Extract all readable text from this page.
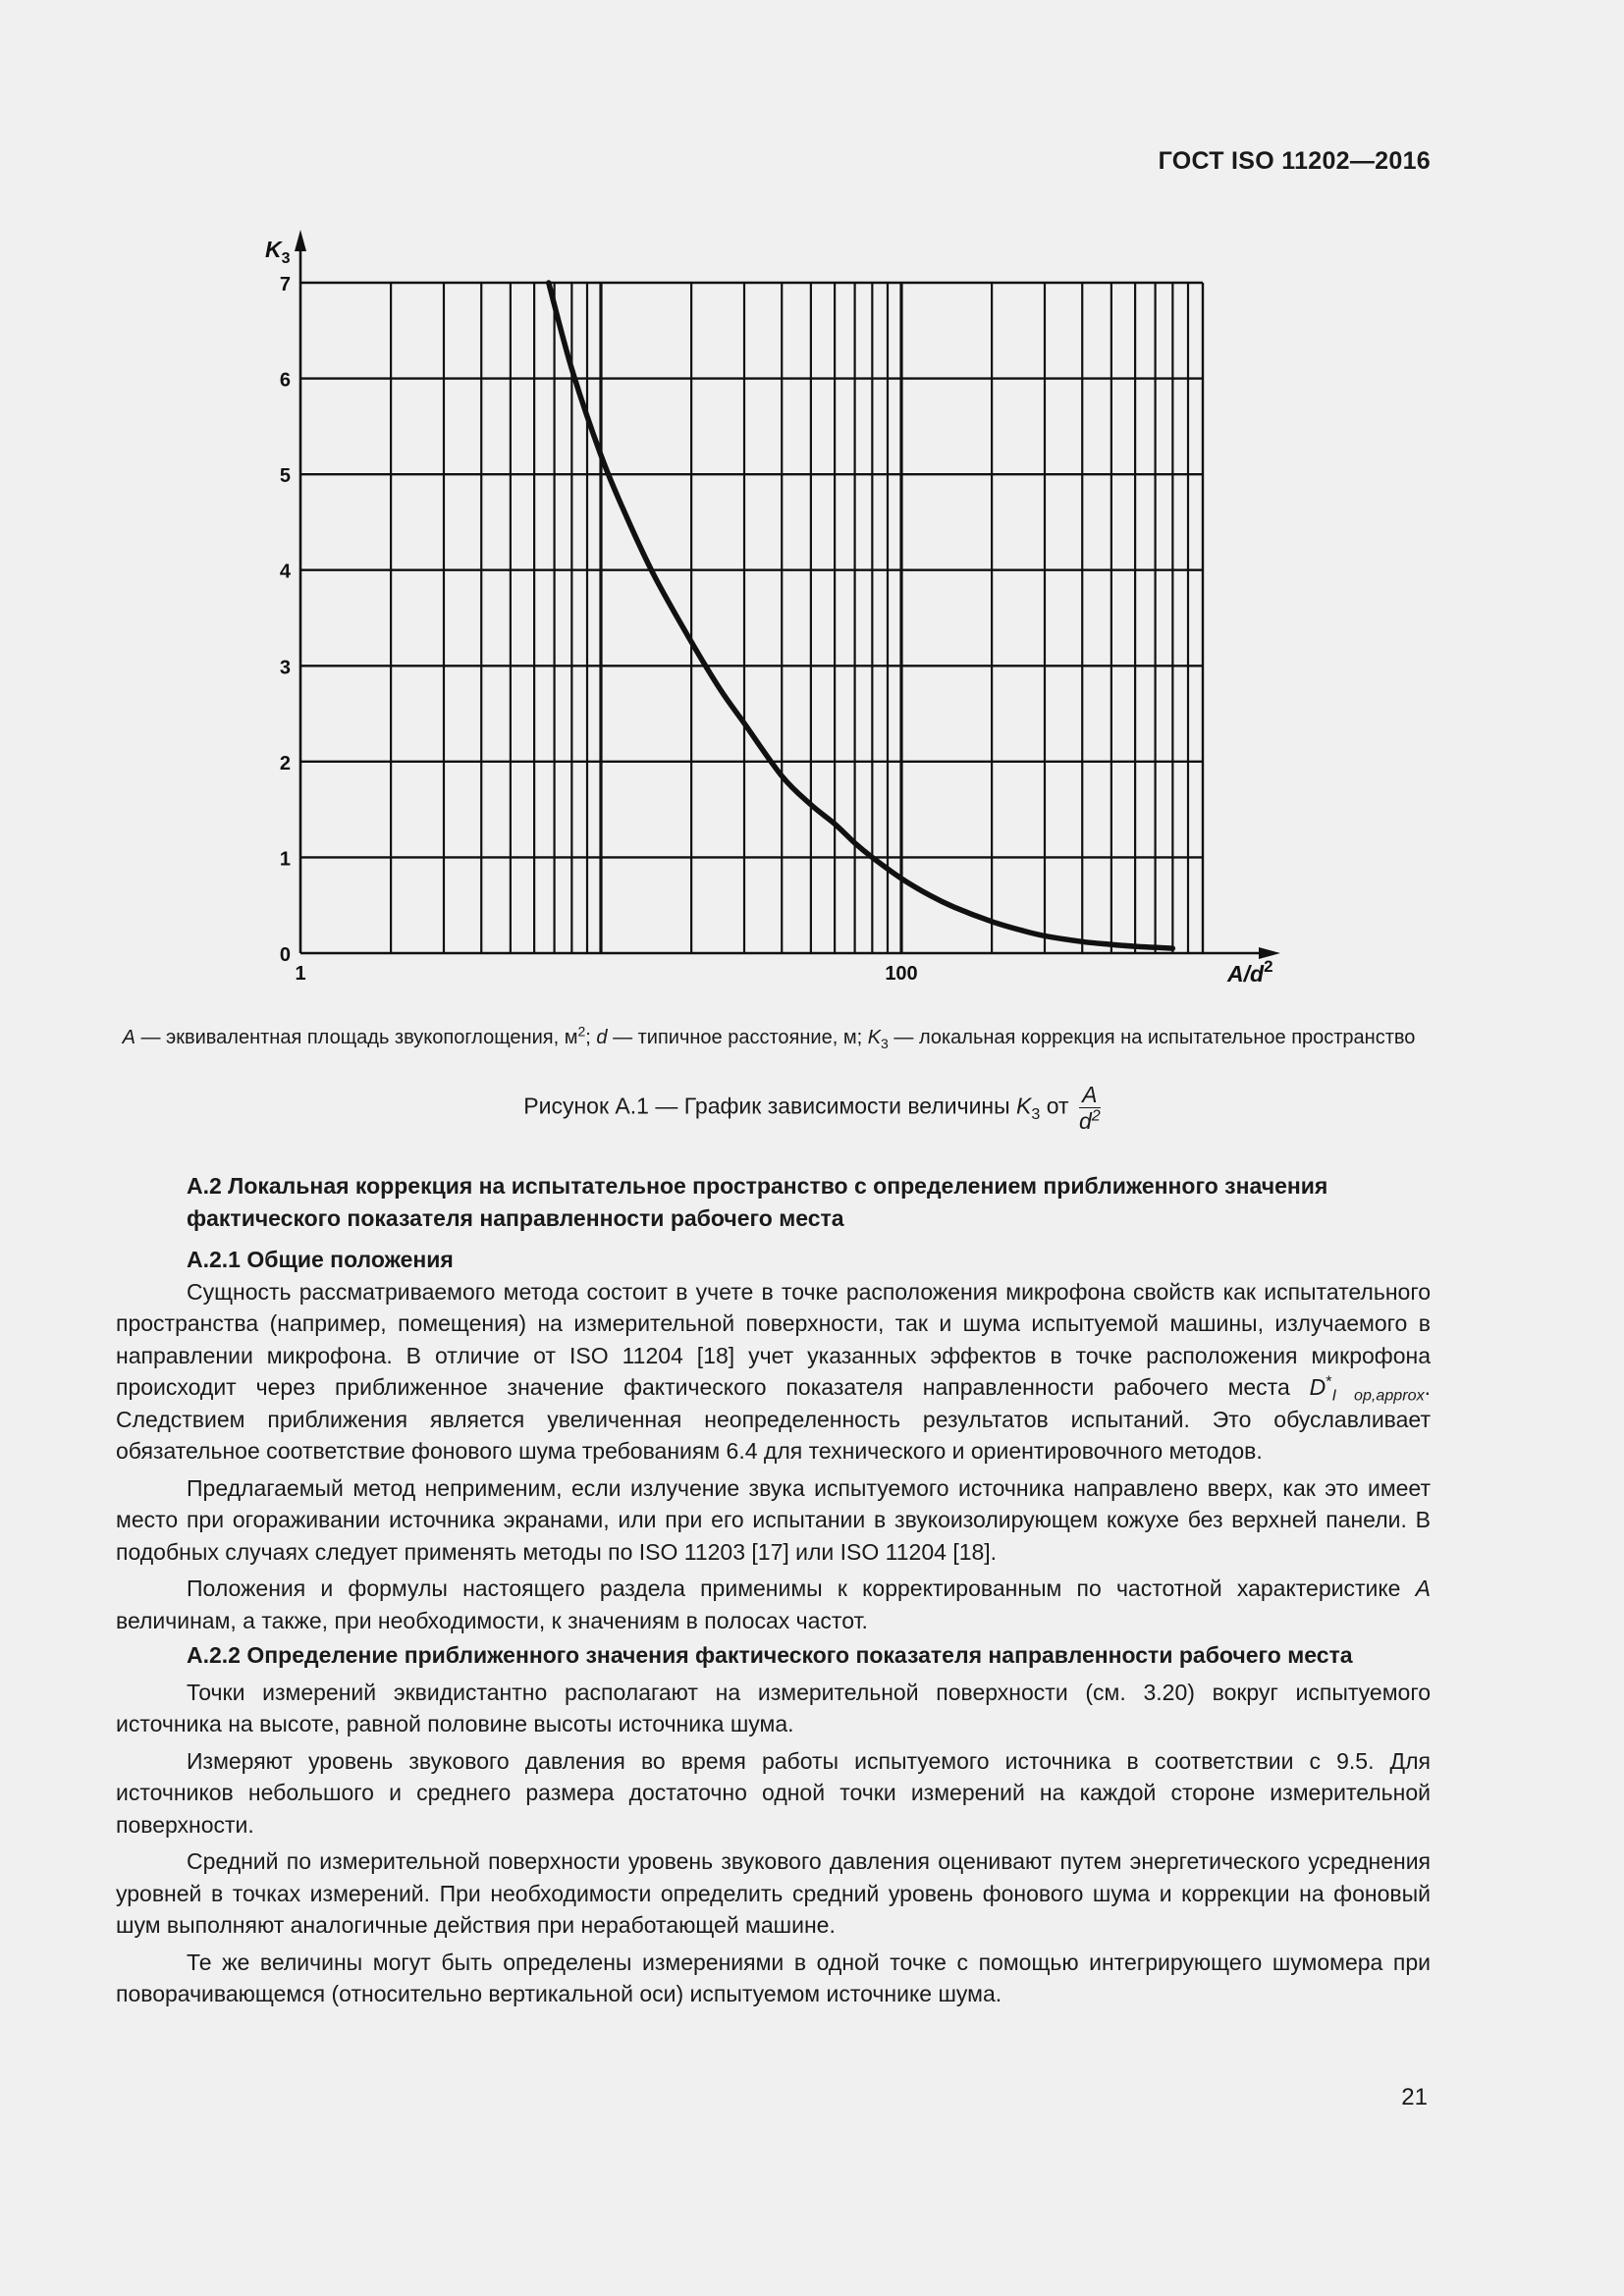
ГОСТ ISO 11202—2016
0
1
2
3
4
5
6
7
1	100
$K_3$
$A/d^2$
A — эквивалентная площадь звукопоглощения, $м^2$; d — типичное расстояние, м; $K_3$ — локальная коррекция на испытательное пространство
Рисунок А.1 — График зависимости величины $K_3$ от $\frac{A}{d^2}$
А.2 Локальная коррекция на испытательное пространство с определением приближенного значения фактического показателя направленности рабочего места
А.2.1 Общие положения

Сущность рассматриваемого метода состоит в учете в точке расположения микрофона свойств как испытательного пространства (например, помещения) на измерительной поверхности, так и шума испытуемой машины, излучаемого в направлении микрофона. В отличие от ISO 11204 [18] учет указанных эффектов в точке расположения микрофона происходит через приближенное значение фактического показателя направленности рабочего места $D^*_{I op,approx}$. Следствием приближения является увеличенная неопределенность результатов испытаний. Это обуславливает обязательное соответствие фонового шума требованиям 6.4 для технического и ориентировочного методов.

Предлагаемый метод неприменим, если излучение звука испытуемого источника направлено вверх, как это имеет место при огораживании источника экранами, или при его испытании в звукоизолирующем кожухе без верхней панели. В подобных случаях следует применять методы по ISO 11203 [17] или ISO 11204 [18].

Положения и формулы настоящего раздела применимы к корректированным по частотной характеристике A величинам, а также, при необходимости, к значениям в полосах частот.

А.2.2 Определение приближенного значения фактического показателя направленности рабочего места

Точки измерений эквидистантно располагают на измерительной поверхности (см. 3.20) вокруг испытуемого источника на высоте, равной половине высоты источника шума.

Измеряют уровень звукового давления во время работы испытуемого источника в соответствии с 9.5. Для источников небольшого и среднего размера достаточно одной точки измерений на каждой стороне измерительной поверхности.

Средний по измерительной поверхности уровень звукового давления оценивают путем энергетического усреднения уровней в точках измерений. При необходимости определить средний уровень фонового шума и коррекции на фоновый шум выполняют аналогичные действия при неработающей машине.

Те же величины могут быть определены измерениями в одной точке с помощью интегрирующего шумомера при поворачивающемся (относительно вертикальной оси) испытуемом источнике шума.

21
